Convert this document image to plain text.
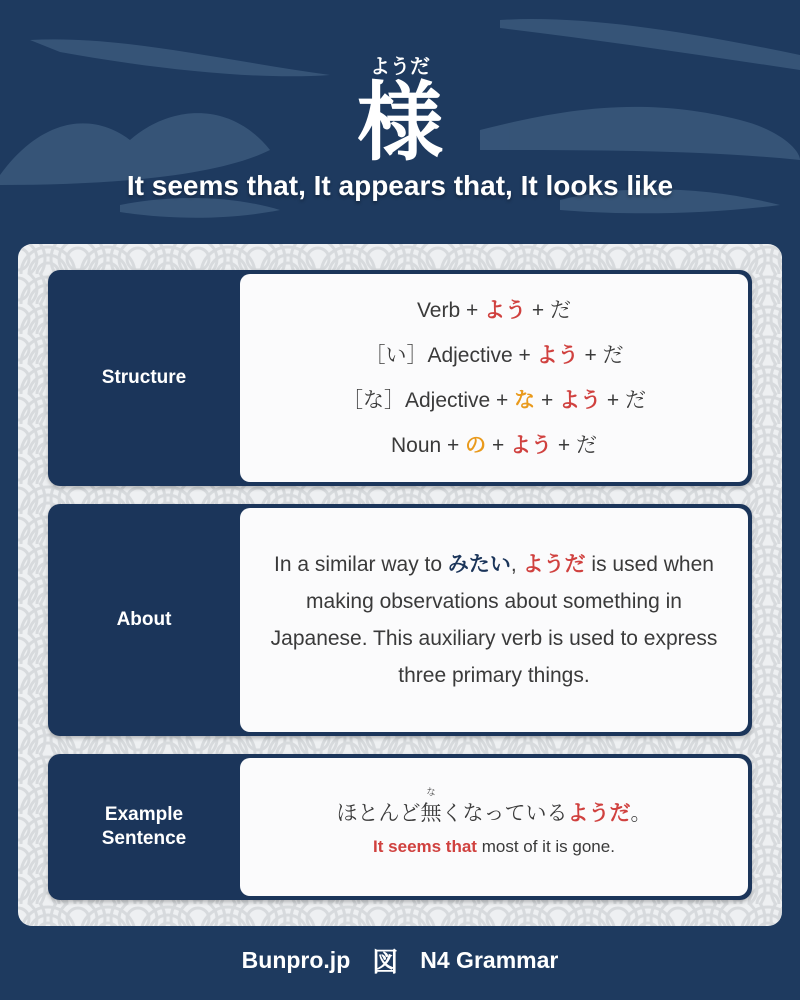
ようだ
様
It seems that, It appears that, It looks like
Structure
Verb + よう + だ
［い］Adjective + よう + だ
［な］Adjective + な + よう + だ
Noun + の + よう + だ
About
In a similar way to みたい, ようだ is used when making observations about something in Japanese. This auxiliary verb is used to express three primary things.
Example
Sentence
ほとんど
な
無くなっているようだ。
It seems that most of it is gone.
Bunpro.jp 図 N4 Grammar
